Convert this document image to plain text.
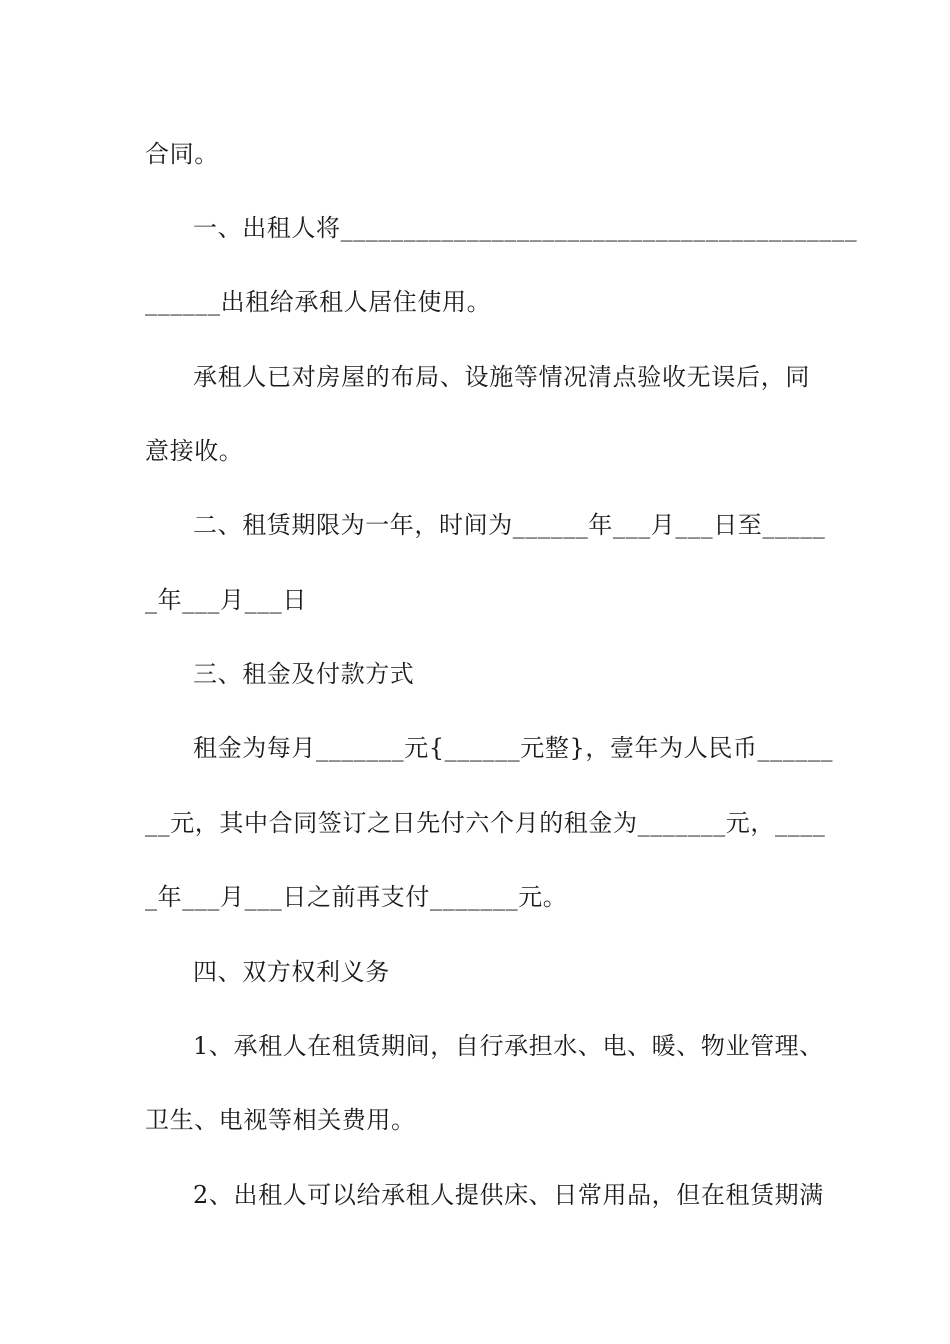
合同。
一、出租人将_________________________________________
______出租给承租人居住使用。
承租人已对房屋的布局、设施等情况清点验收无误后，同
意接收。
二、租赁期限为一年，时间为______年___月___日至_____
_年___月___日
三、租金及付款方式
租金为每月_______元{______元整}，壹年为人民币______
__元，其中合同签订之日先付六个月的租金为_______元，____
_年___月___日之前再支付_______元。
四、双方权利义务
1、承租人在租赁期间，自行承担水、电、暖、物业管理、
卫生、电视等相关费用。
2、出租人可以给承租人提供床、日常用品，但在租赁期满
